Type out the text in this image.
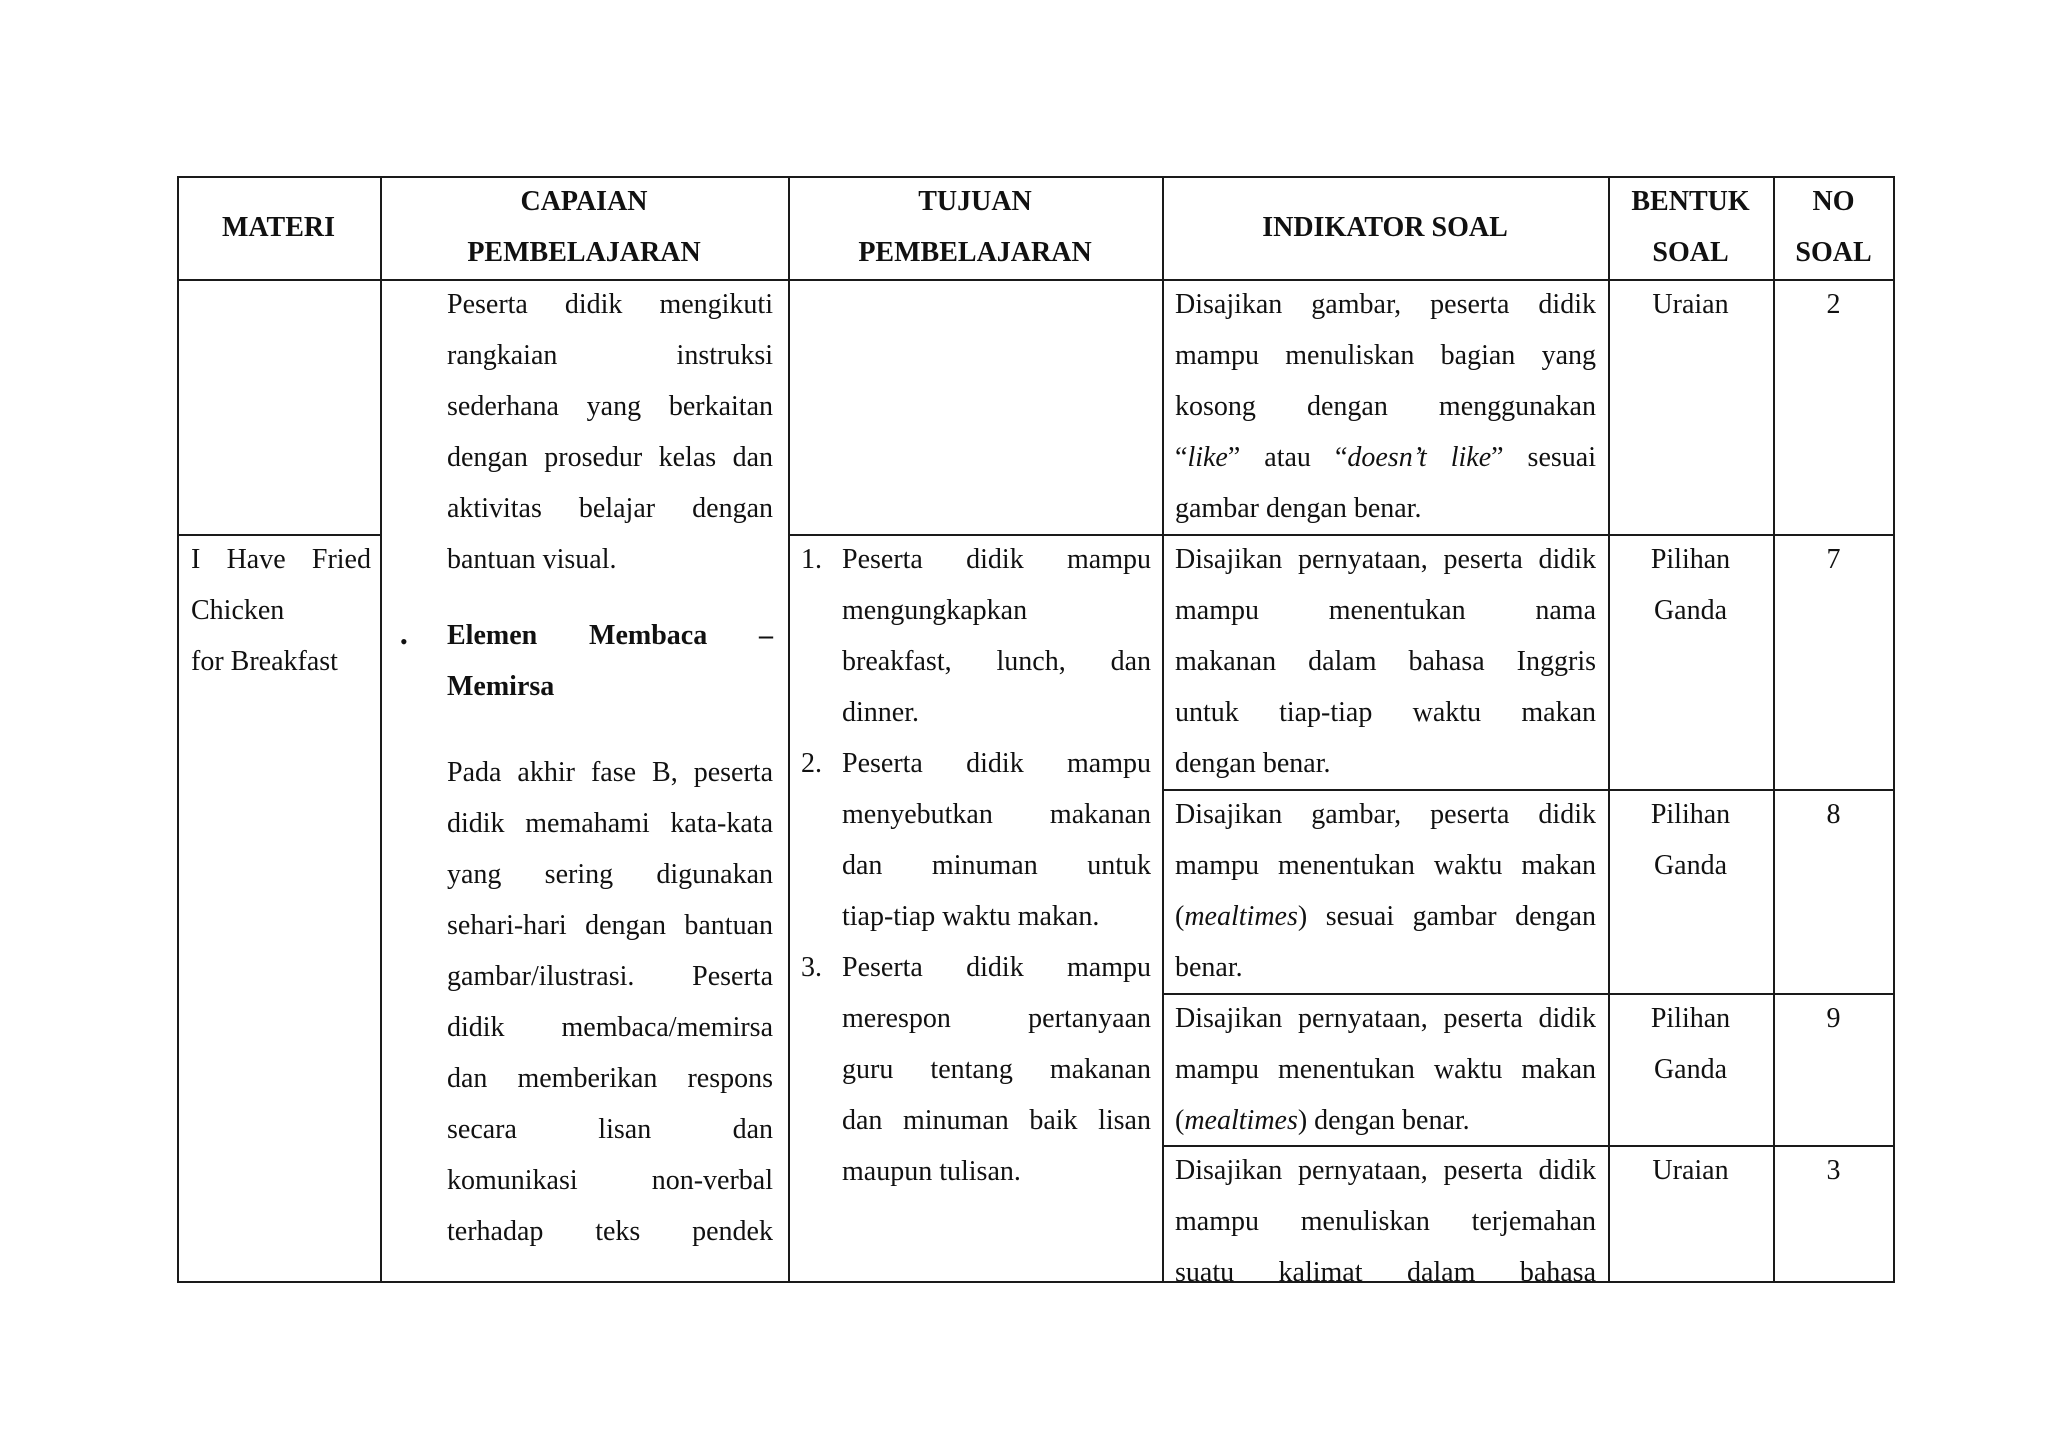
MATERI
CAPAIAN
PEMBELAJARAN
TUJUAN
PEMBELAJARAN
INDIKATOR SOAL
BENTUK
SOAL
NO
SOAL
I Have Fried
Chicken
for Breakfast
Peserta didik mengikuti
rangkaian instruksi
sederhana yang berkaitan
dengan prosedur kelas dan
aktivitas belajar dengan
bantuan visual.
• Elemen Membaca –
Memirsa
Pada akhir fase B, peserta
didik memahami kata-kata
yang sering digunakan
sehari-hari dengan bantuan
gambar/ilustrasi. Peserta
didik membaca/memirsa
dan memberikan respons
secara lisan dan
komunikasi non-verbal
terhadap teks pendek
1. Peserta didik mampu
mengungkapkan
breakfast, lunch, dan
dinner.
2. Peserta didik mampu
menyebutkan makanan
dan minuman untuk
tiap-tiap waktu makan.
3. Peserta didik mampu
merespon pertanyaan
guru tentang makanan
dan minuman baik lisan
maupun tulisan.
Disajikan gambar, peserta didik
mampu menuliskan bagian yang
kosong dengan menggunakan
“like” atau “doesn’t like” sesuai
gambar dengan benar.
Uraian	2
Disajikan pernyataan, peserta didik
mampu menentukan nama
makanan dalam bahasa Inggris
untuk tiap-tiap waktu makan
dengan benar.
Pilihan
Ganda
7
Disajikan gambar, peserta didik
mampu menentukan waktu makan
(mealtimes) sesuai gambar dengan
benar.
Pilihan
Ganda
8
Disajikan pernyataan, peserta didik
mampu menentukan waktu makan
(mealtimes) dengan benar.
Pilihan
Ganda
9
Disajikan pernyataan, peserta didik
mampu menuliskan terjemahan
suatu kalimat dalam bahasa
Uraian	3
